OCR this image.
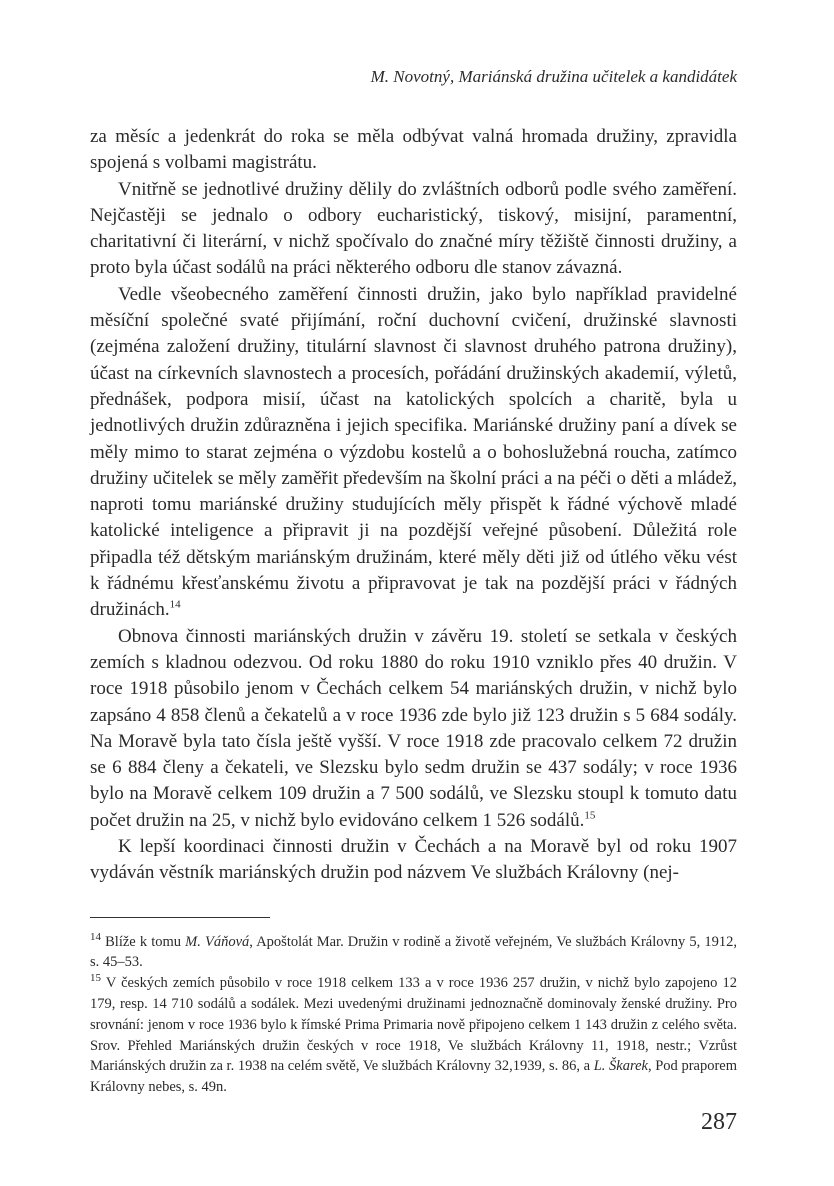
M. Novotný, Mariánská družina učitelek a kandidátek

za měsíc a jedenkrát do roka se měla odbývat valná hromada družiny, zpravidla spojená s volbami magistrátu.

Vnitřně se jednotlivé družiny dělily do zvláštních odborů podle svého zaměření. Nejčastěji se jednalo o odbory eucharistický, tiskový, misijní, paramentní, charitativní či literární, v nichž spočívalo do značné míry těžiště činnosti družiny, a proto byla účast sodálů na práci některého odboru dle stanov závazná.

Vedle všeobecného zaměření činnosti družin, jako bylo například pravidelné měsíční společné svaté přijímání, roční duchovní cvičení, družinské slavnosti (zejména založení družiny, titulární slavnost či slavnost druhého patrona družiny), účast na církevních slavnostech a procesích, pořádání družinských akademií, výletů, přednášek, podpora misií, účast na katolických spolcích a charitě, byla u jednotlivých družin zdůrazněna i jejich specifika. Mariánské družiny paní a dívek se měly mimo to starat zejména o výzdobu kostelů a o bohoslužebná roucha, zatímco družiny učitelek se měly zaměřit především na školní práci a na péči o děti a mládež, naproti tomu mariánské družiny studujících měly přispět k řádné výchově mladé katolické inteligence a připravit ji na pozdější veřejné působení. Důležitá role připadla též dětským mariánským družinám, které měly děti již od útlého věku vést k řádnému křesťanskému životu a připravovat je tak na pozdější práci v řádných družinách.$^{14}$

Obnova činnosti mariánských družin v závěru 19. století se setkala v českých zemích s kladnou odezvou. Od roku 1880 do roku 1910 vzniklo přes 40 družin. V roce 1918 působilo jenom v Čechách celkem 54 mariánských družin, v nichž bylo zapsáno 4 858 členů a čekatelů a v roce 1936 zde bylo již 123 družin s 5 684 sodály. Na Moravě byla tato čísla ještě vyšší. V roce 1918 zde pracovalo celkem 72 družin se 6 884 členy a čekateli, ve Slezsku bylo sedm družin se 437 sodály; v roce 1936 bylo na Moravě celkem 109 družin a 7 500 sodálů, ve Slezsku stoupl k tomuto datu počet družin na 25, v nichž bylo evidováno celkem 1 526 sodálů.$^{15}$

K lepší koordinaci činnosti družin v Čechách a na Moravě byl od roku 1907 vydáván věstník mariánských družin pod názvem Ve službách Královny (nej-

$^{14}$ Blíže k tomu M. Váňová, Apoštolát Mar. Družin v rodině a životě veřejném, Ve službách Královny 5, 1912, s. 45–53.

$^{15}$ V českých zemích působilo v roce 1918 celkem 133 a v roce 1936 257 družin, v nichž bylo zapojeno 12 179, resp. 14 710 sodálů a sodálek. Mezi uvedenými družinami jednoznačně dominovaly ženské družiny. Pro srovnání: jenom v roce 1936 bylo k římské Prima Primaria nově připojeno celkem 1 143 družin z celého světa. Srov. Přehled Mariánských družin českých v roce 1918, Ve službách Královny 11, 1918, nestr.; Vzrůst Mariánských družin za r. 1938 na celém světě, Ve službách Královny 32,1939, s. 86, a L. Škarek, Pod praporem Královny nebes, s. 49n.

287
